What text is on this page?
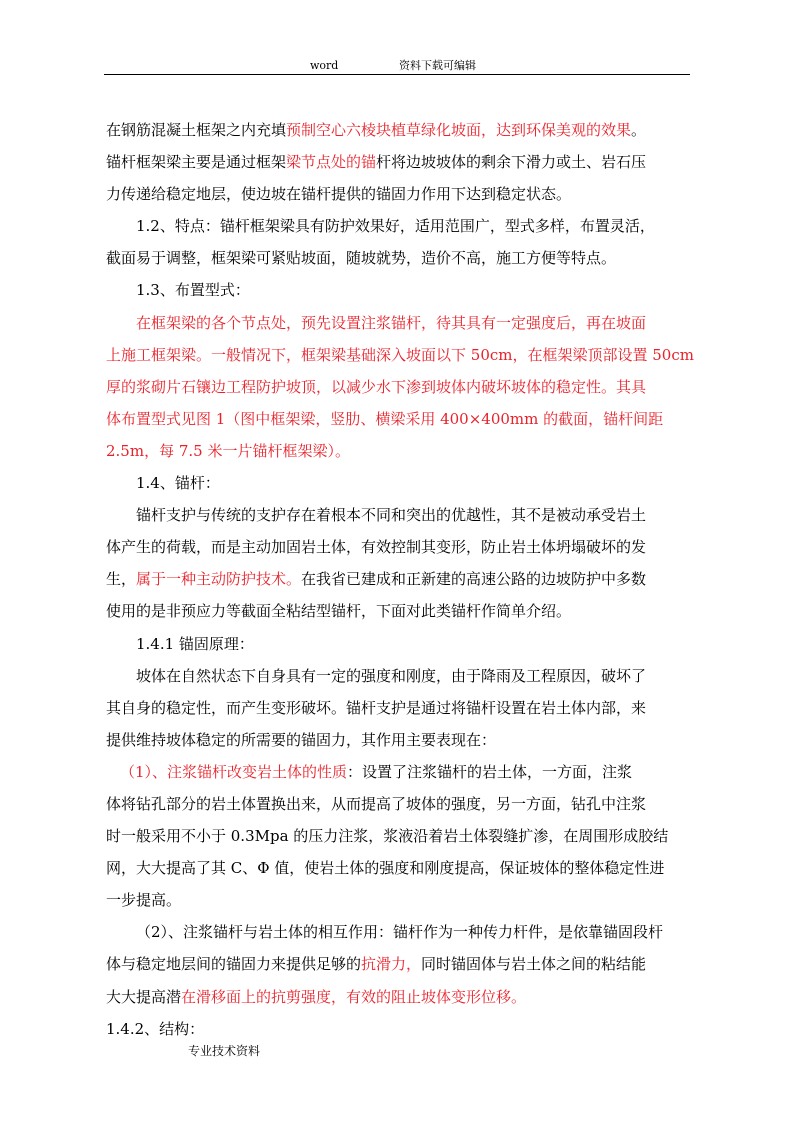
word	资料下载可编辑
在钢筋混凝土框架之内充填预制空心六棱块植草绿化坡面，达到环保美观的效果。
锚杆框架梁主要是通过框架梁节点处的锚杆将边坡坡体的剩余下滑力或土、岩石压
力传递给稳定地层，使边坡在锚杆提供的锚固力作用下达到稳定状态。
1.2、特点：锚杆框架梁具有防护效果好，适用范围广，型式多样，布置灵活，
截面易于调整，框架梁可紧贴坡面，随坡就势，造价不高，施工方便等特点。
1.3、布置型式：
在框架梁的各个节点处，预先设置注浆锚杆，待其具有一定强度后，再在坡面
上施工框架梁。一般情况下，框架梁基础深入坡面以下 50cm，在框架梁顶部设置 50cm
厚的浆砌片石镶边工程防护坡顶，以减少水下渗到坡体内破坏坡体的稳定性。其具
体布置型式见图 1（图中框架梁，竖肋、横梁采用 400×400mm 的截面，锚杆间距
2.5m，每 7.5 米一片锚杆框架梁）。
1.4、锚杆：
锚杆支护与传统的支护存在着根本不同和突出的优越性，其不是被动承受岩土
体产生的荷载，而是主动加固岩土体，有效控制其变形，防止岩土体坍塌破坏的发
生，属于一种主动防护技术。在我省已建成和正新建的高速公路的边坡防护中多数
使用的是非预应力等截面全粘结型锚杆，下面对此类锚杆作简单介绍。
1.4.1 锚固原理：
坡体在自然状态下自身具有一定的强度和刚度，由于降雨及工程原因，破坏了
其自身的稳定性，而产生变形破坏。锚杆支护是通过将锚杆设置在岩土体内部，来
提供维持坡体稳定的所需要的锚固力，其作用主要表现在：
（1）、注浆锚杆改变岩土体的性质：设置了注浆锚杆的岩土体，一方面，注浆
体将钻孔部分的岩土体置换出来，从而提高了坡体的强度，另一方面，钻孔中注浆
时一般采用不小于 0.3Mpa 的压力注浆，浆液沿着岩土体裂缝扩渗，在周围形成胶结
网，大大提高了其 C、Φ 值，使岩土体的强度和刚度提高，保证坡体的整体稳定性进
一步提高。
（2）、注浆锚杆与岩土体的相互作用：锚杆作为一种传力杆件，是依靠锚固段杆
体与稳定地层间的锚固力来提供足够的抗滑力，同时锚固体与岩土体之间的粘结能
大大提高潜在滑移面上的抗剪强度，有效的阻止坡体变形位移。
1.4.2、结构：
专业技术资料
